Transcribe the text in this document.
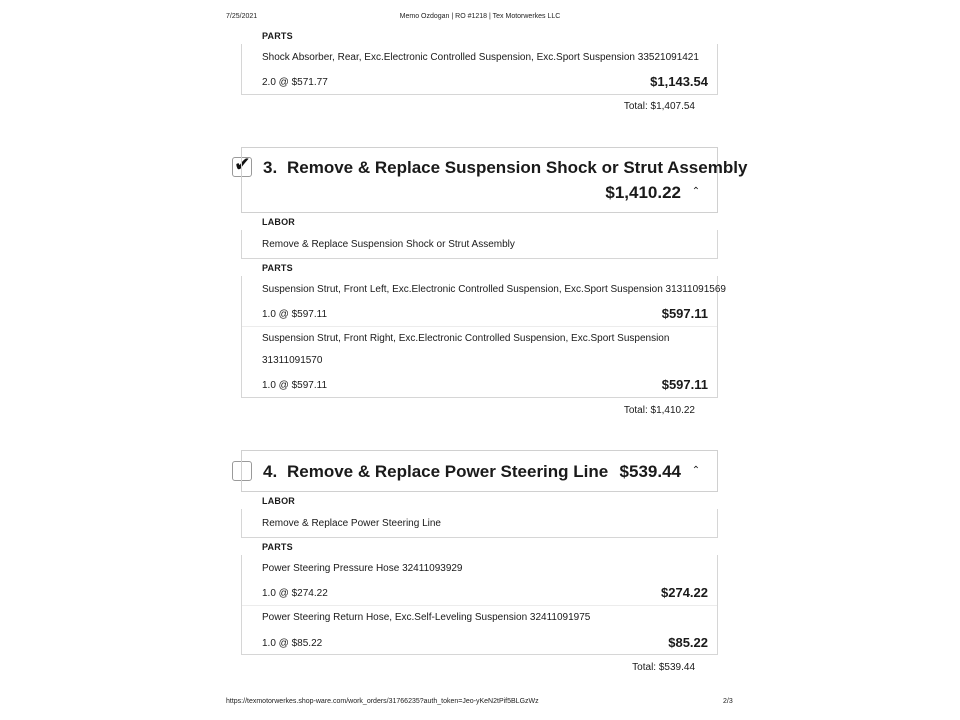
7/25/2021	Memo Ozdogan | RO #1218 | Tex Motorwerkes LLC
https://texmotorwerkes.shop-ware.com/work_orders/31766235?auth_token=Jeo-yKeN2tPif5BLGzWz	2/3
PARTS
Shock Absorber, Rear, Exc.Electronic Controlled Suspension, Exc.Sport Suspension 33521091421
2.0 @ $571.77	$1,143.54
Total: $1,407.54
✔ 3. Remove & Replace Suspension Shock or Strut Assembly
$1,410.22 ⌃
LABOR
Remove & Replace Suspension Shock or Strut Assembly
PARTS
Suspension Strut, Front Left, Exc.Electronic Controlled Suspension, Exc.Sport Suspension 31311091569
1.0 @ $597.11	$597.11
Suspension Strut, Front Right, Exc.Electronic Controlled Suspension, Exc.Sport Suspension
31311091570
1.0 @ $597.11	$597.11
Total: $1,410.22
4. Remove & Replace Power Steering Line $539.44 ⌃
LABOR
Remove & Replace Power Steering Line
PARTS
Power Steering Pressure Hose 32411093929
1.0 @ $274.22	$274.22
Power Steering Return Hose, Exc.Self-Leveling Suspension 32411091975
1.0 @ $85.22	$85.22
Total: $539.44
